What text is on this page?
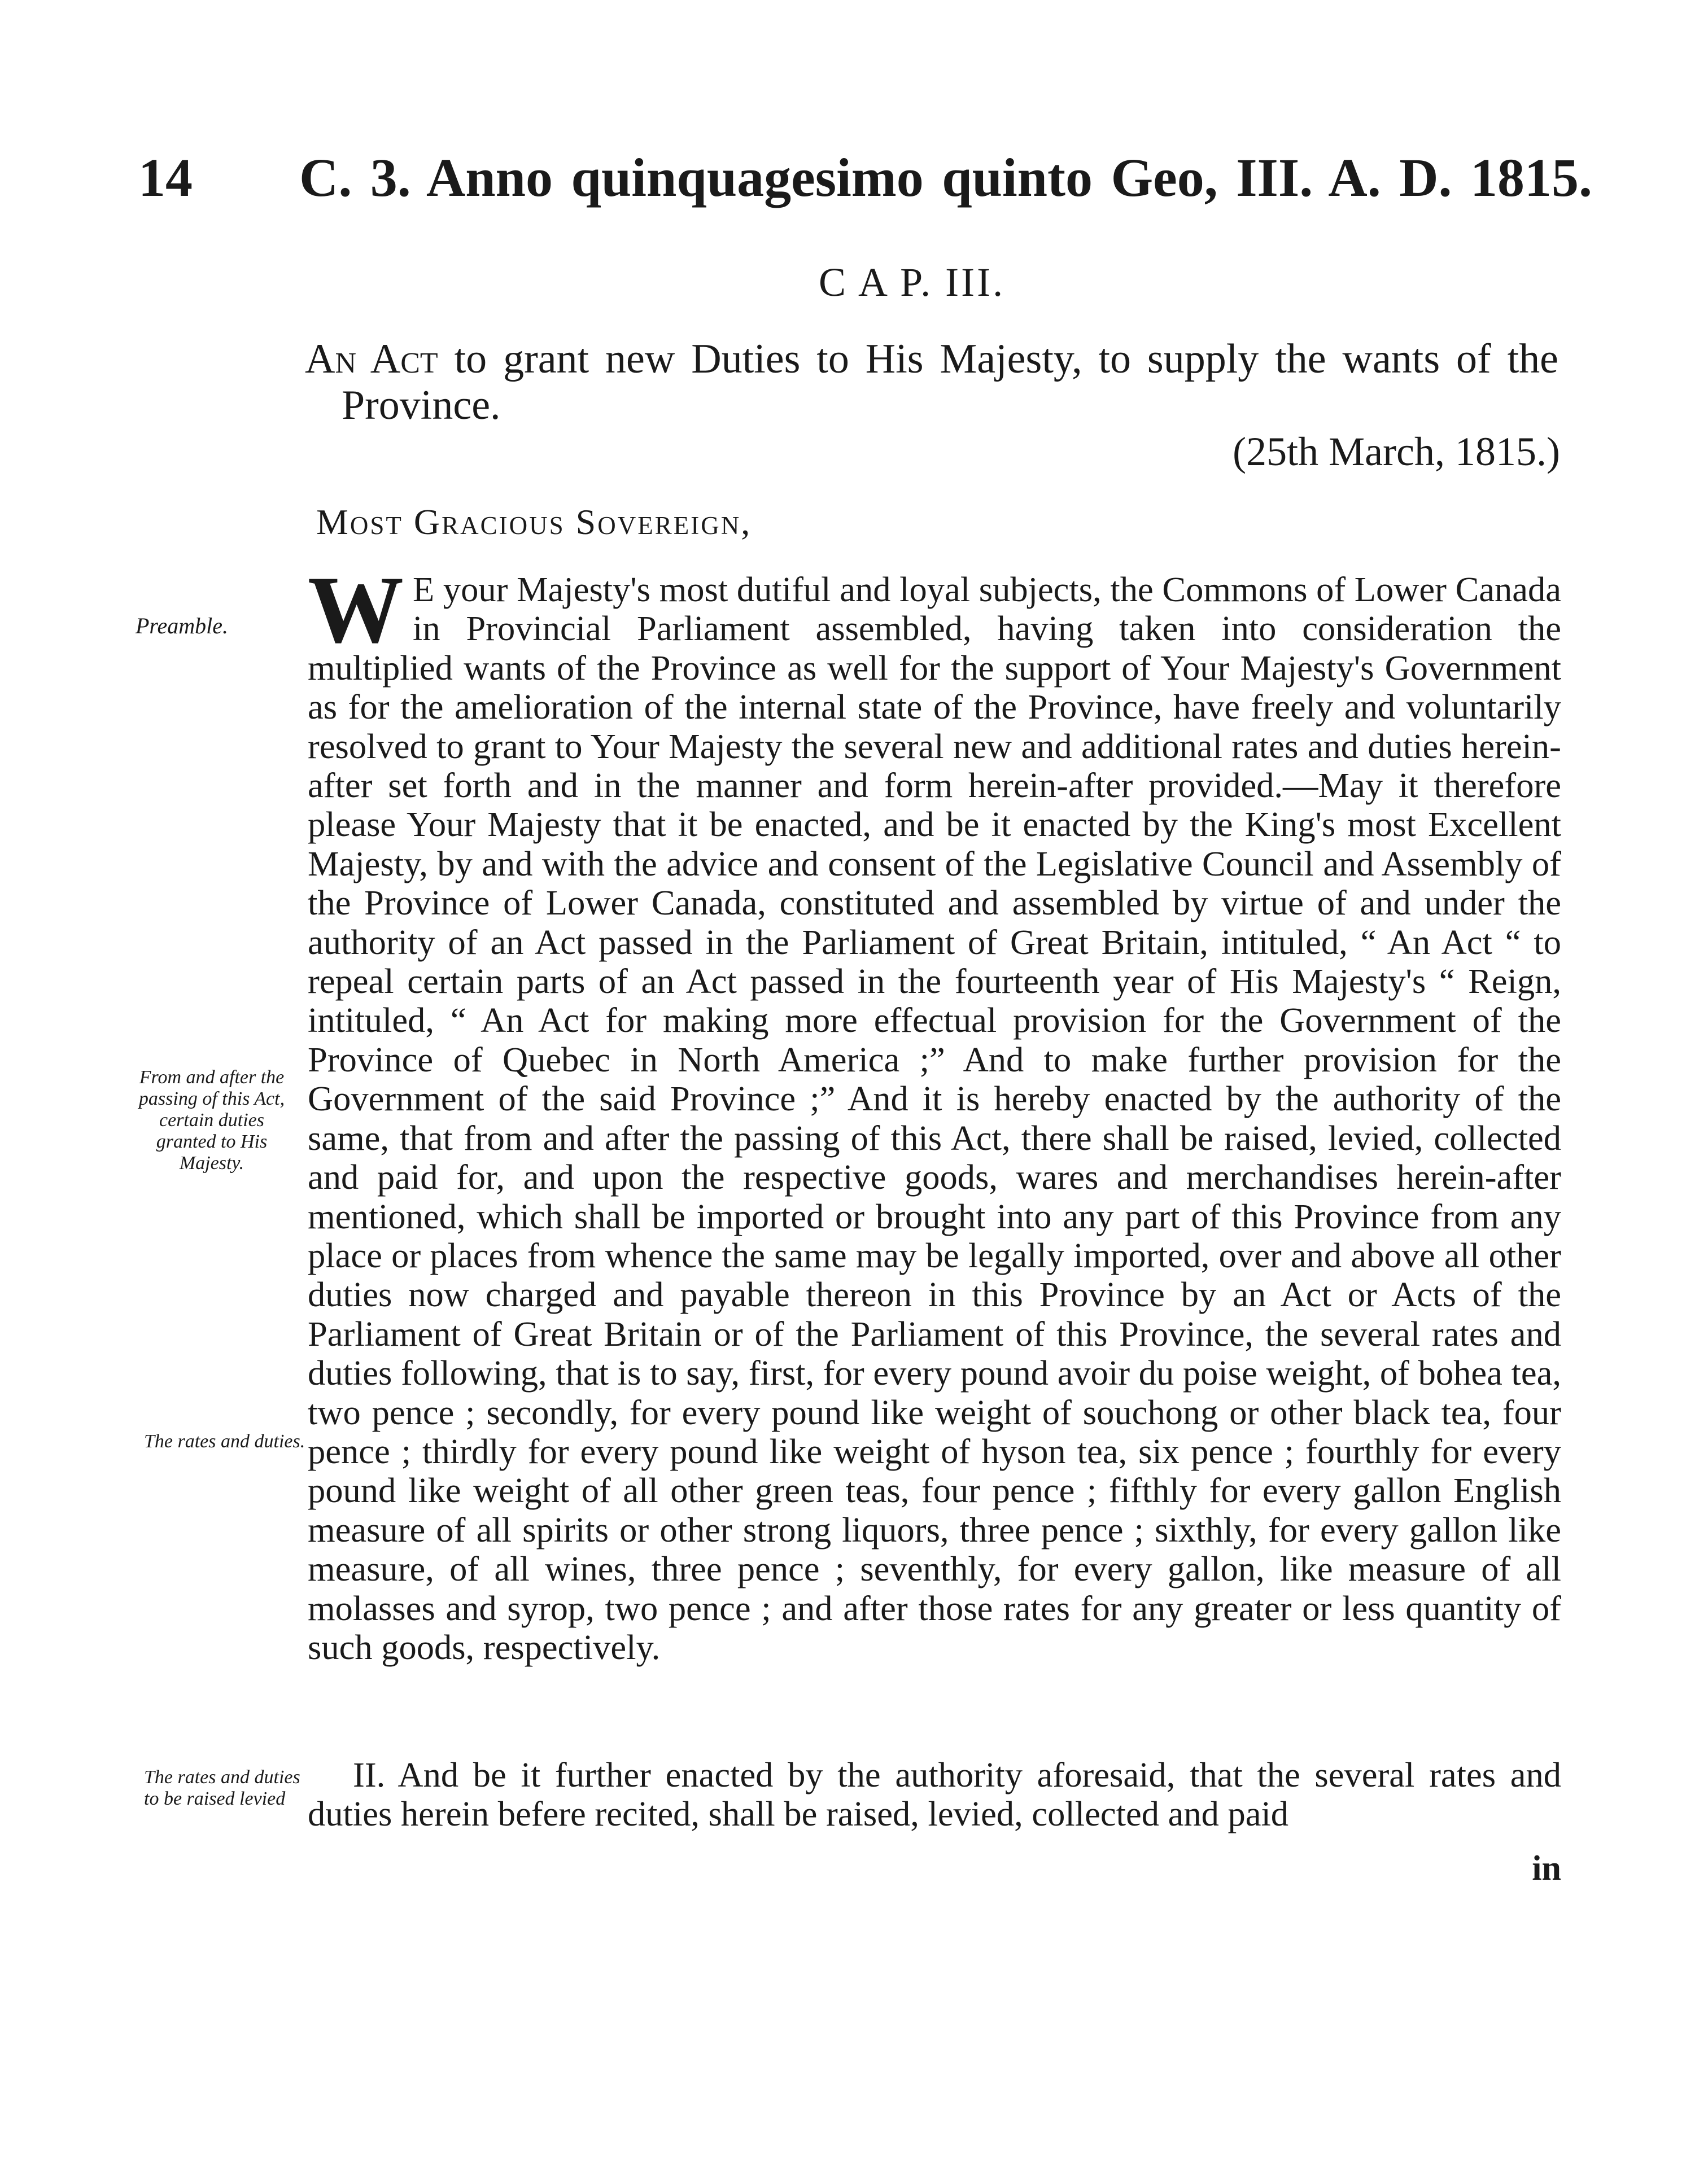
14 C. 3. Anno quinquagesimo quinto Geo, III. A. D. 1815.
C A P. III.
An Act to grant new Duties to His Majesty, to supply the wants of the
Province.
(25th March, 1815.)
Most Gracious Sovereign,

W E your Majesty's most dutiful and loyal subjects, the Commons of Lower Canada in Provincial Parliament assembled, having taken into consideration the multiplied wants of the Province as well for the support of Your Majesty's Government as for the amelioration of the internal state of the Province, have freely and voluntarily resolved to grant to Your Majesty the several new and additional rates and duties herein-after set forth and in the manner and form herein-after provided.—May it therefore please Your Majesty that it be enacted, and be it enacted by the King's most Excellent Majesty, by and with the advice and consent of the Legislative Council and Assembly of the Province of Lower Canada, constituted and assembled by virtue of and under the authority of an Act passed in the Parliament of Great Britain, intituled, “ An Act “ to repeal certain parts of an Act passed in the fourteenth year of His Majesty's “ Reign, intituled, “ An Act for making more effectual provision for the Government of the Province of Quebec in North America ;” And to make further provision for the Government of the said Province ;” And it is hereby enacted by the authority of the same, that from and after the passing of this Act, there shall be raised, levied, collected and paid for, and upon the respective goods, wares and merchandises herein-after mentioned, which shall be imported or brought into any part of this Province from any place or places from whence the same may be legally imported, over and above all other duties now charged and payable thereon in this Province by an Act or Acts of the Parliament of Great Britain or of the Parliament of this Province, the several rates and duties following, that is to say, first, for every pound avoir du poise weight, of bohea tea, two pence ; secondly, for every pound like weight of souchong or other black tea, four pence ; thirdly for every pound like weight of hyson tea, six pence ; fourthly for every pound like weight of all other green teas, four pence ; fifthly for every gallon English measure of all spirits or other strong liquors, three pence ; sixthly, for every gallon like measure, of all wines, three pence ; seventhly, for every gallon, like measure of all molasses and syrop, two pence ; and after those rates for any greater or less quantity of such goods, respectively.

II. And be it further enacted by the authority aforesaid, that the several rates and duties herein befere recited, shall be raised, levied, collected and paid

in
Preamble.
From and after the passing of this Act, certain duties granted to His Majesty.
The rates and duties.
The rates and duties to be raised levied
